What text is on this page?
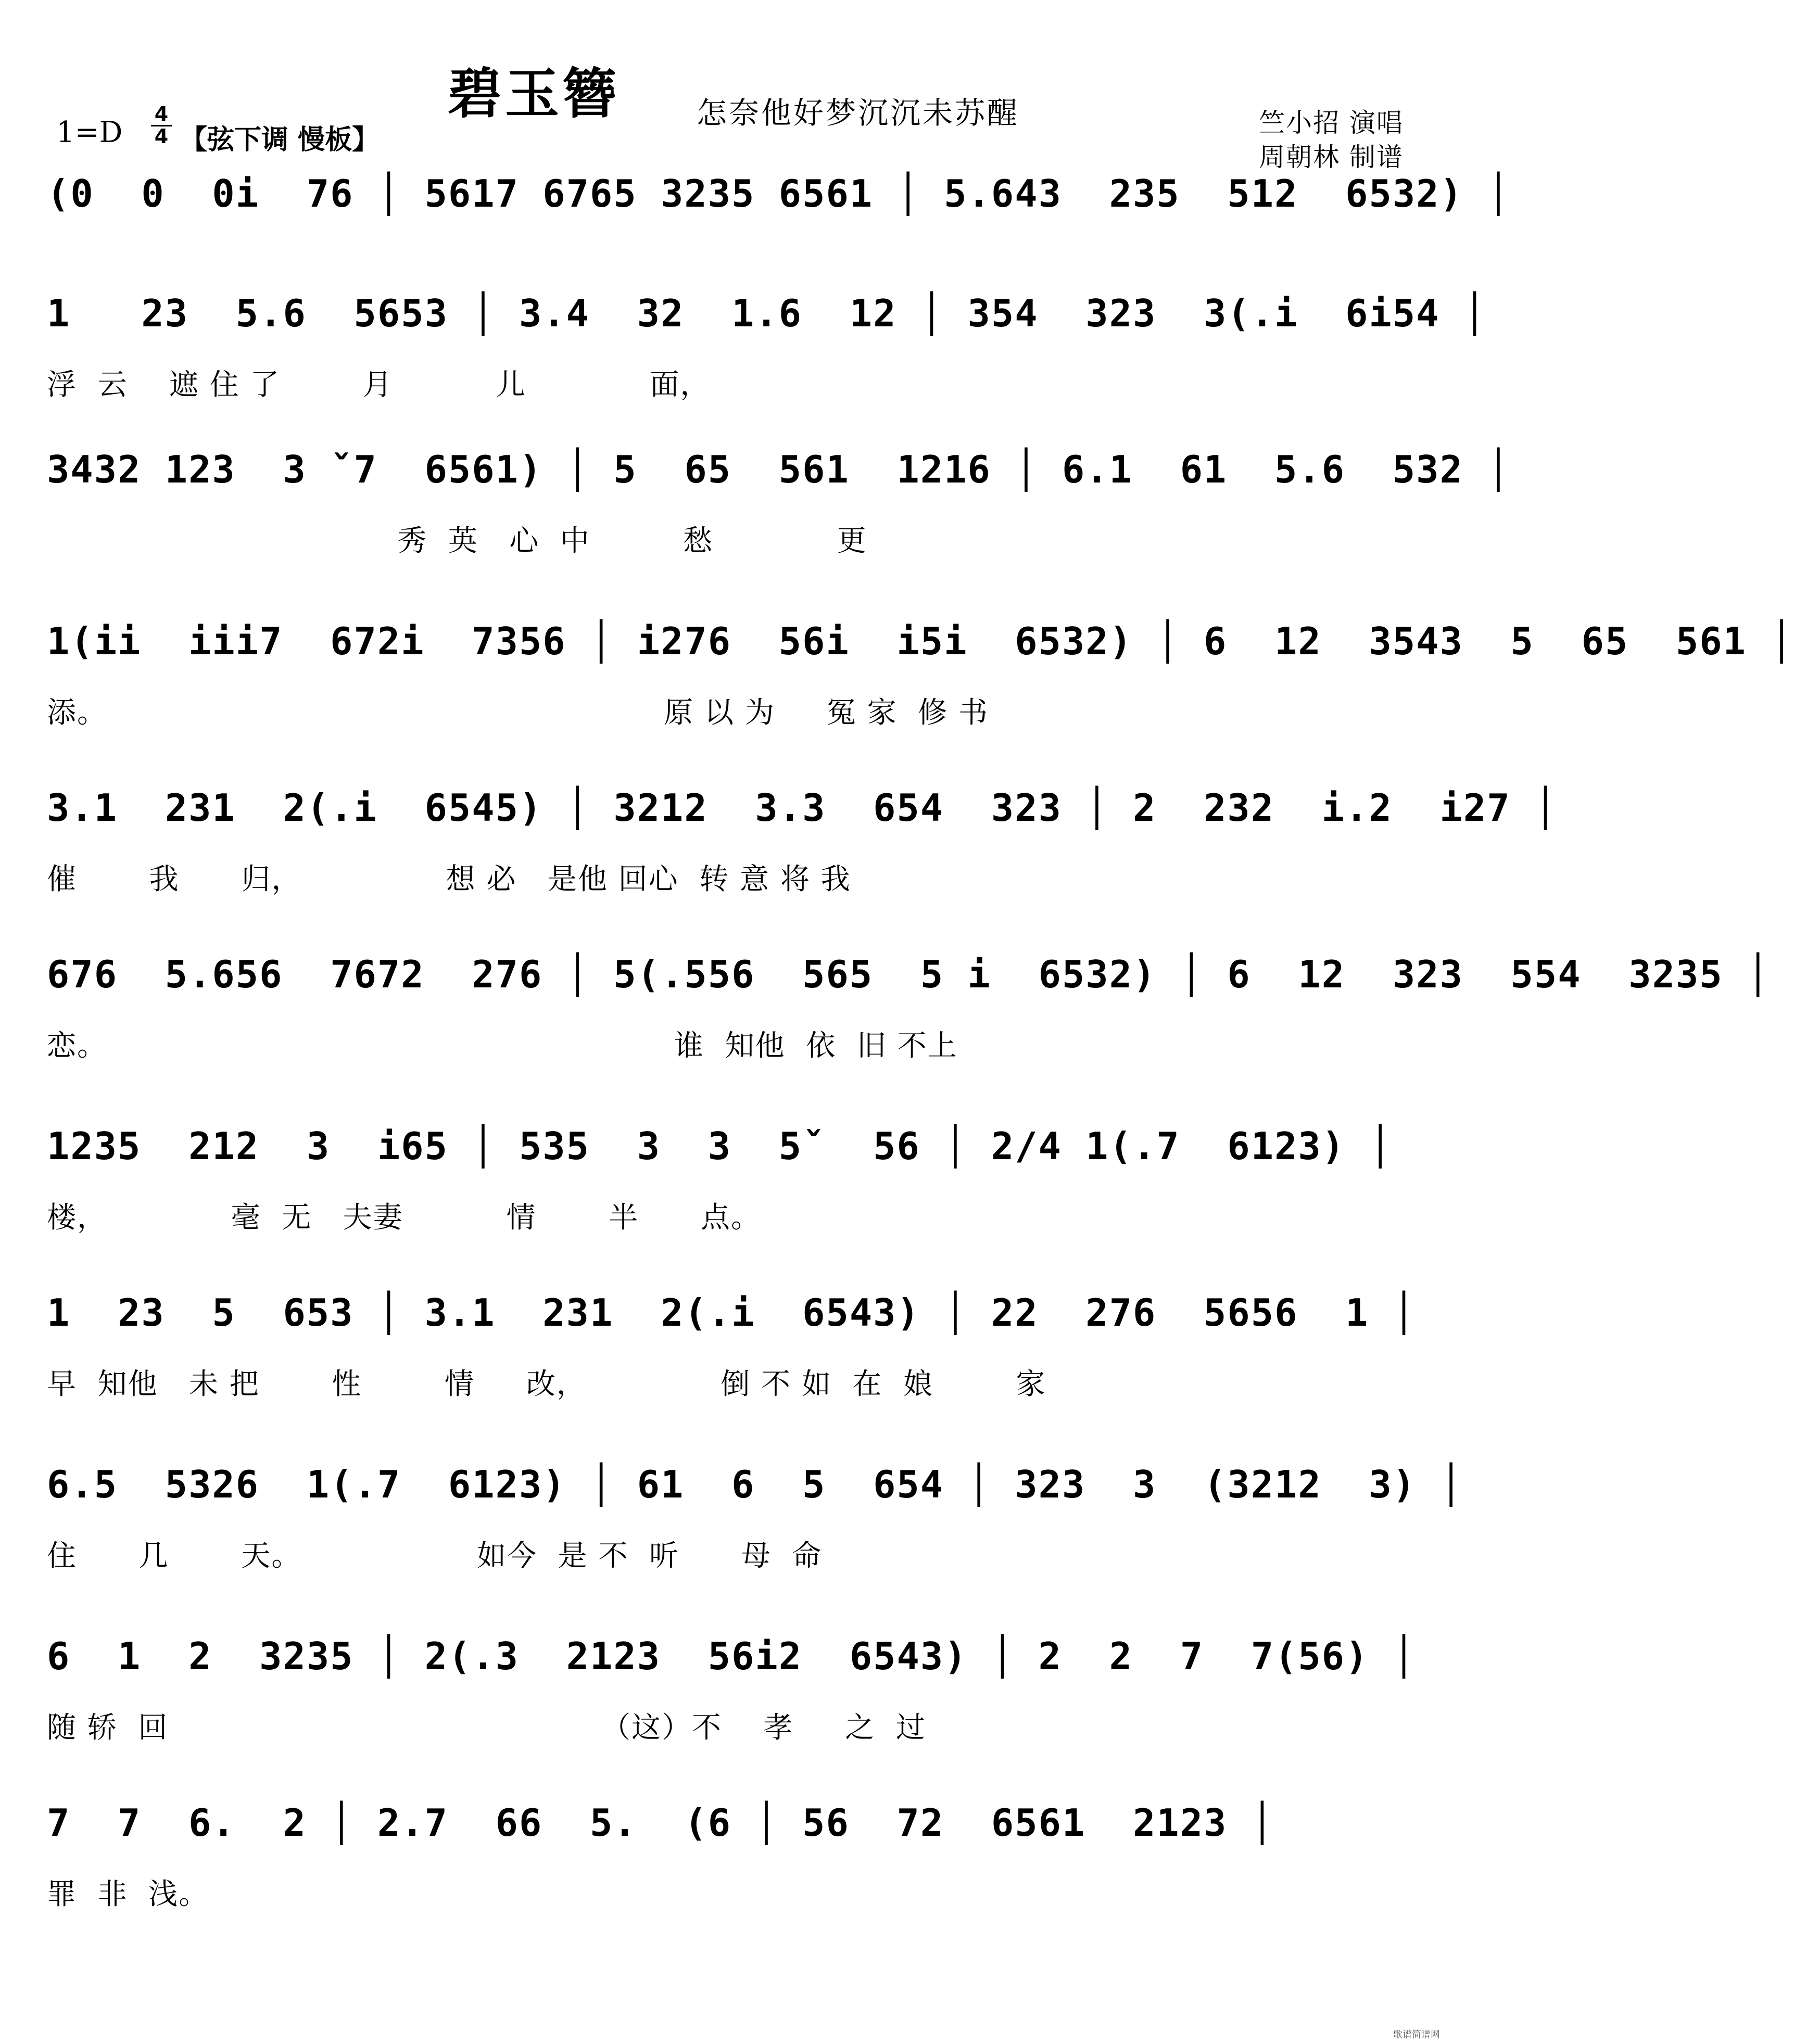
碧玉簪	怎奈他好梦沉沉未苏醒
$1=D \frac{4}{4}$ 【弦下调 慢板】
竺小招 演唱
周朝林 制谱
(0  0  0i  76 │ 5617 6765 3235 6561 │ 5.643  235  512  6532) │
1   23  5.6  5653 │ 3.4  32  1.6  12 │ 354  323  3(.i  6i54 │
浮  云    遮 住 了        月          儿            面，
3432 123  3 ˇ7  6561) │ 5  65  561  1216 │ 6.1  61  5.6  532 │
秀  英   心  中         愁            更
1(ii  iii7  672i  7356 │ i276  56i  i5i  6532) │ 6  12  3543  5  65  561 │
添。                                                      原 以 为     冤 家  修 书
3.1  231  2(.i  6545) │ 3212  3.3  654  323 │ 2  232  i.2  i27 │
催       我      归，              想 必   是他 回心  转 意 将 我
676  5.656  7672  276 │ 5(.556  565  5 i  6532) │ 6  12  323  554  3235 │
恋。                                                       谁  知他  依  旧 不上
1235  212  3  i65 │ 535  3  3  5ˇ  56 │ 2/4 1(.7  6123) │
楼，            毫  无   夫妻          情       半      点。
1  23  5  653 │ 3.1  231  2(.i  6543) │ 22  276  5656  1 │
早  知他   未 把       性        情     改，             倒 不 如  在  娘        家
6.5  5326  1(.7  6123) │ 61  6  5  654 │ 323  3  (3212  3) │
住      几       天。                 如今  是 不  听      母  命
6  1  2  3235 │ 2(.3  2123  56i2  6543) │ 2  2  7  7(56) │
随 轿  回                                          （这）不    孝     之  过
7  7  6.  2 │ 2.7  66  5.  (6 │ 56  72  6561  2123 │
罪  非  浅。
歌谱简谱网
